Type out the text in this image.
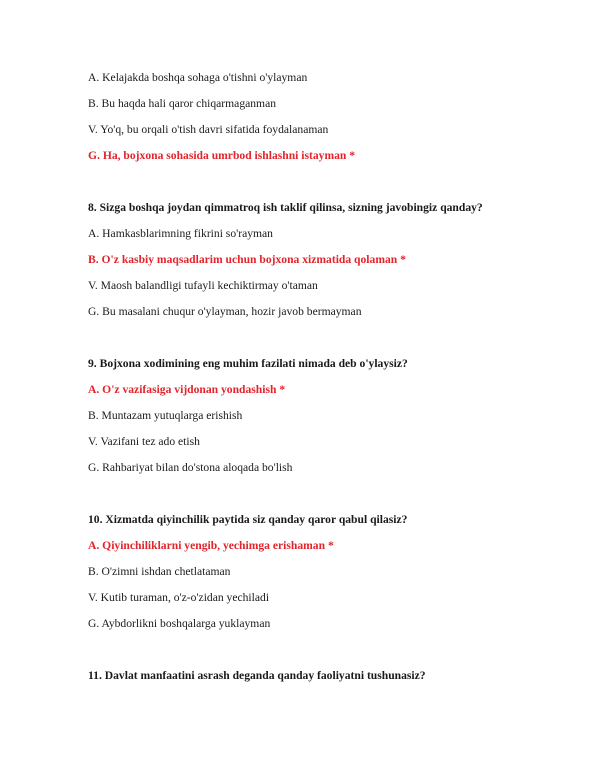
A. Kelajakda boshqa sohaga o'tishni o'ylayman
B. Bu haqda hali qaror chiqarmaganman
V. Yo'q, bu orqali o'tish davri sifatida foydalanaman
G. Ha, bojxona sohasida umrbod ishlashni istayman *
8. Sizga boshqa joydan qimmatroq ish taklif qilinsa, sizning javobingiz qanday?
A. Hamkasblarimning fikrini so'rayman
B. O'z kasbiy maqsadlarim uchun bojxona xizmatida qolaman *
V. Maosh balandligi tufayli kechiktirmay o'taman
G. Bu masalani chuqur o'ylayman, hozir javob bermayman
9. Bojxona xodimining eng muhim fazilati nimada deb o'ylaysiz?
A. O'z vazifasiga vijdonan yondashish *
B. Muntazam yutuqlarga erishish
V. Vazifani tez ado etish
G. Rahbariyat bilan do'stona aloqada bo'lish
10. Xizmatda qiyinchilik paytida siz qanday qaror qabul qilasiz?
A. Qiyinchiliklarni yengib, yechimga erishaman *
B. O'zimni ishdan chetlataman
V. Kutib turaman, o'z-o'zidan yechiladi
G. Aybdorlikni boshqalarga yuklayman
11. Davlat manfaatini asrash deganda qanday faoliyatni tushunasiz?
